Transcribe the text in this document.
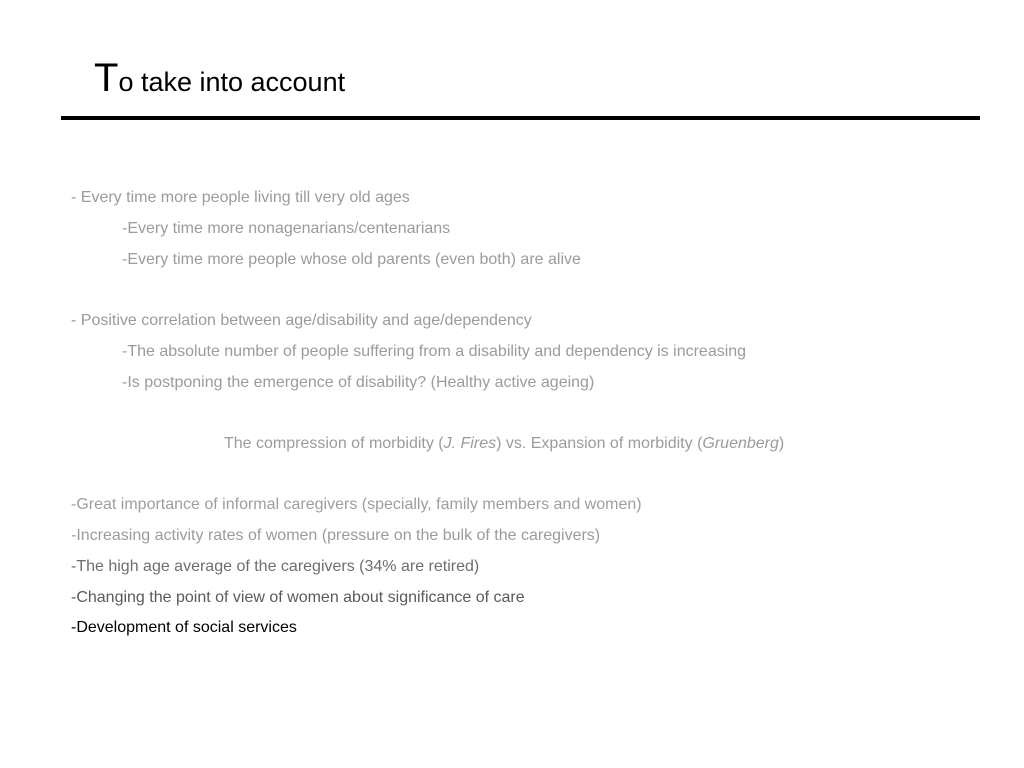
To take into account
- Every time more people living till very old ages
-Every time more nonagenarians/centenarians
-Every time more people whose old parents (even both) are alive
- Positive correlation between age/disability and age/dependency
-The absolute number of people suffering from a disability and dependency is increasing
-Is postponing the emergence of disability? (Healthy active ageing)
The compression of morbidity (J. Fires) vs. Expansion of morbidity (Gruenberg)
-Great importance of informal caregivers (specially, family members and women)
-Increasing activity rates of women (pressure on the bulk of the caregivers)
-The high age average of the caregivers (34% are retired)
-Changing the point of view of women about significance of care
-Development of social services
